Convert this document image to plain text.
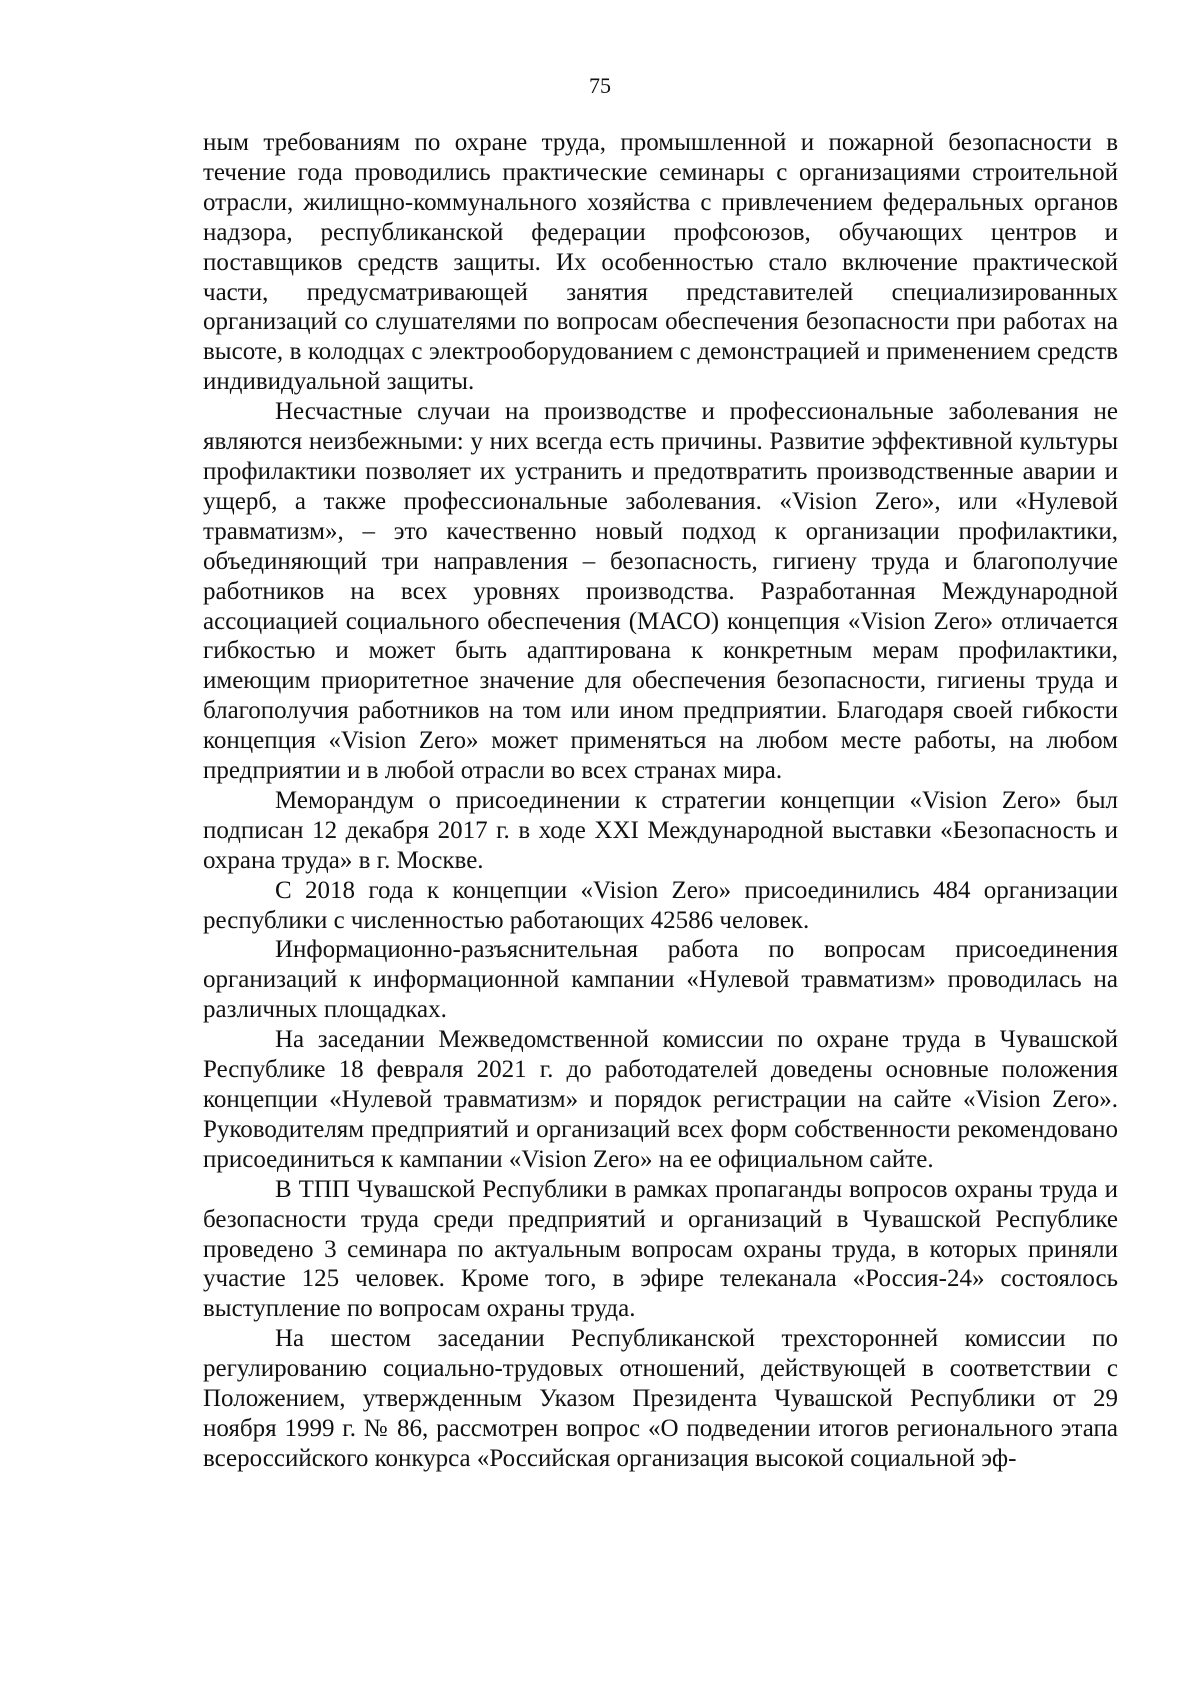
75

ным требованиям по охране труда, промышленной и пожарной безопасности в течение года проводились практические семинары с организациями строительной отрасли, жилищно-коммунального хозяйства с привлечением федеральных органов надзора, республиканской федерации профсоюзов, обучающих центров и поставщиков средств защиты. Их особенностью стало включение практической части, предусматривающей занятия представителей специализированных организаций со слушателями по вопросам обеспечения безопасности при работах на высоте, в колодцах с электрооборудованием с демонстрацией и применением средств индивидуальной защиты.

Несчастные случаи на производстве и профессиональные заболевания не являются неизбежными: у них всегда есть причины. Развитие эффективной культуры профилактики позволяет их устранить и предотвратить производственные аварии и ущерб, а также профессиональные заболевания. «Vision Zero», или «Нулевой травматизм», – это качественно новый подход к организации профилактики, объединяющий три направления – безопасность, гигиену труда и благополучие работников на всех уровнях производства. Разработанная Международной ассоциацией социального обеспечения (МАСО) концепция «Vision Zero» отличается гибкостью и может быть адаптирована к конкретным мерам профилактики, имеющим приоритетное значение для обеспечения безопасности, гигиены труда и благополучия работников на том или ином предприятии. Благодаря своей гибкости концепция «Vision Zero» может применяться на любом месте работы, на любом предприятии и в любой отрасли во всех странах мира.

Меморандум о присоединении к стратегии концепции «Vision Zero» был подписан 12 декабря 2017 г. в ходе XXI Международной выставки «Безопасность и охрана труда» в г. Москве.

С 2018 года к концепции «Vision Zero» присоединились 484 организации республики с численностью работающих 42586 человек.

Информационно-разъяснительная работа по вопросам присоединения организаций к информационной кампании «Нулевой травматизм» проводилась на различных площадках.

На заседании Межведомственной комиссии по охране труда в Чувашской Республике 18 февраля 2021 г. до работодателей доведены основные положения концепции «Нулевой травматизм» и порядок регистрации на сайте «Vision Zero». Руководителям предприятий и организаций всех форм собственности рекомендовано присоединиться к кампании «Vision Zero» на ее официальном сайте.

В ТПП Чувашской Республики в рамках пропаганды вопросов охраны труда и безопасности труда среди предприятий и организаций в Чувашской Республике проведено 3 семинара по актуальным вопросам охраны труда, в которых приняли участие 125 человек. Кроме того, в эфире телеканала «Россия-24» состоялось выступление по вопросам охраны труда.

На шестом заседании Республиканской трехсторонней комиссии по регулированию социально-трудовых отношений, действующей в соответствии с Положением, утвержденным Указом Президента Чувашской Республики от 29 ноября 1999 г. № 86, рассмотрен вопрос «О подведении итогов регионального этапа всероссийского конкурса «Российская организация высокой социальной эф-
